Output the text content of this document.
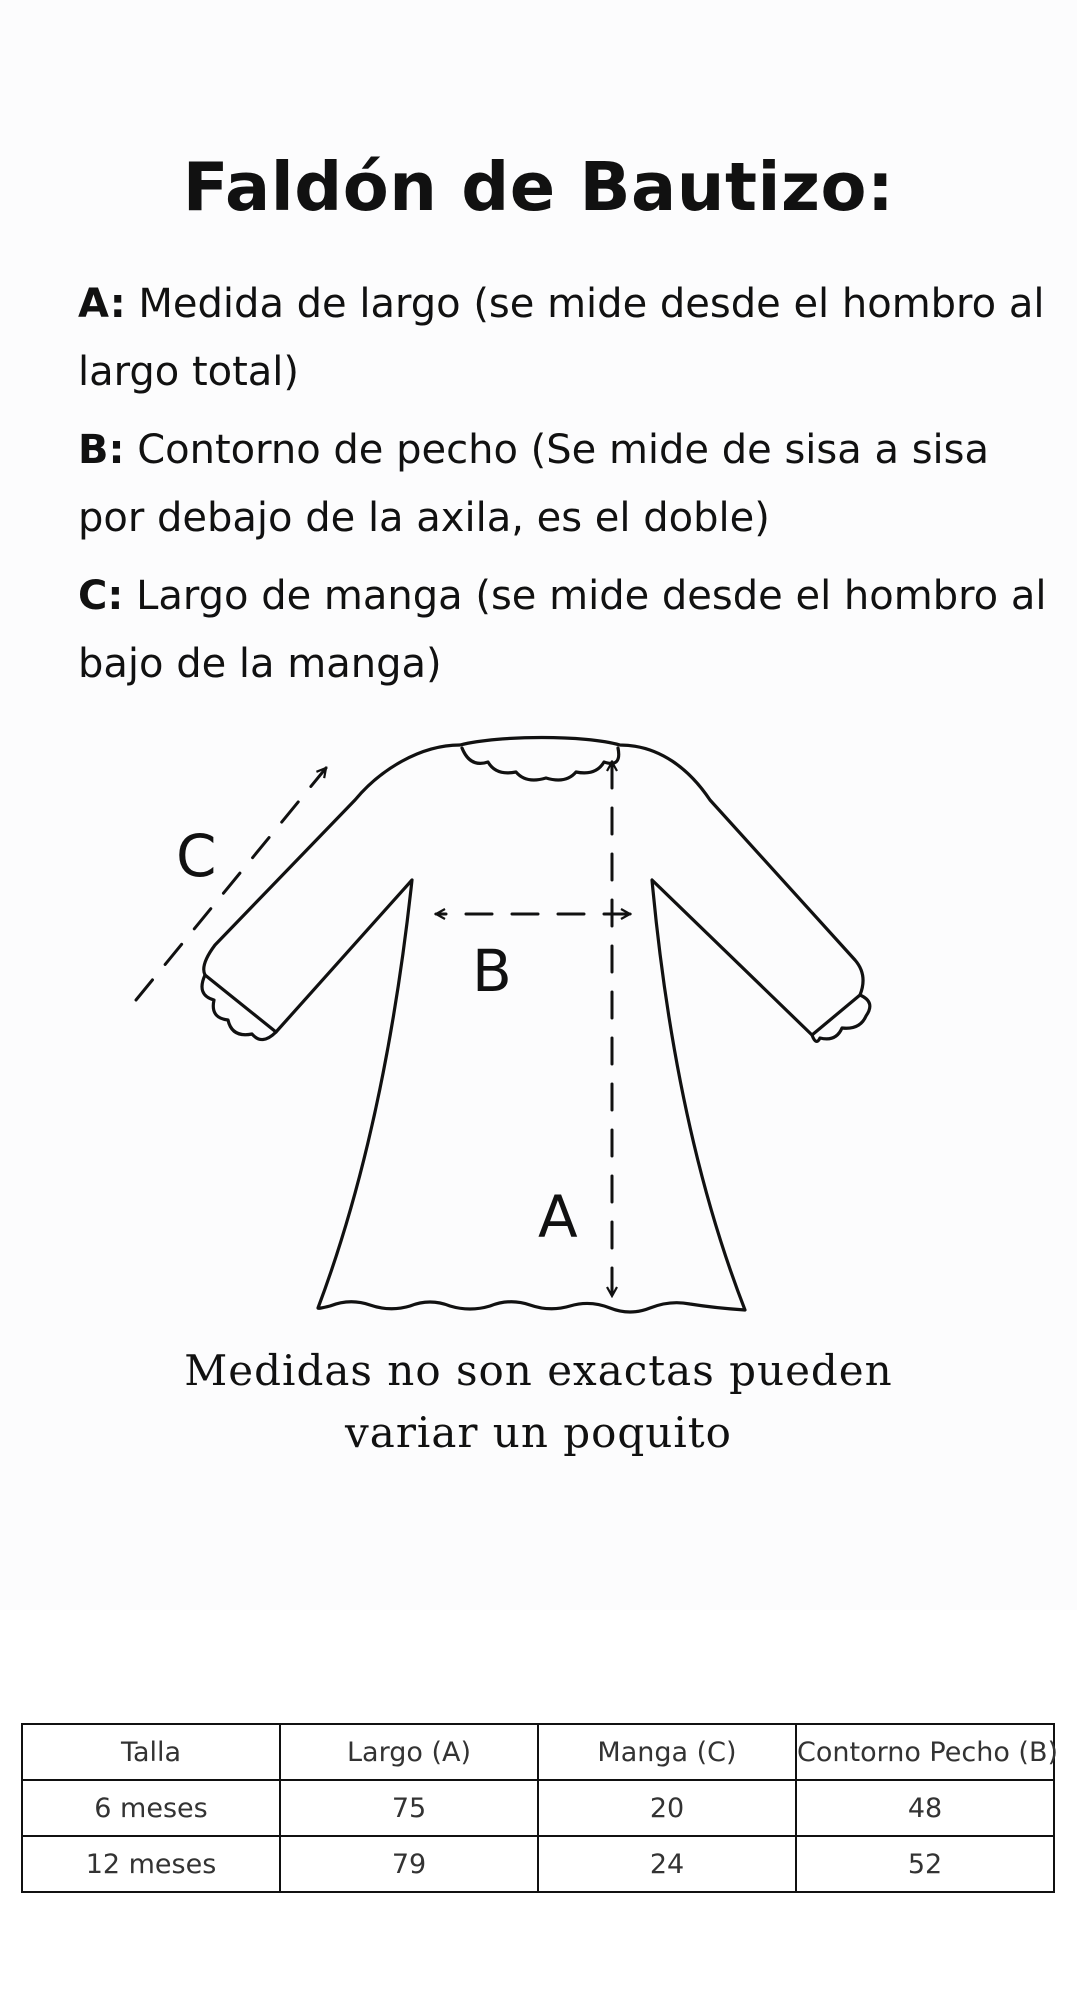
Faldón de Bautizo:

A: Medida de largo (se mide desde el hombro al largo total)

B: Contorno de pecho (Se mide de sisa a sisa por debajo de la axila, es el doble)

C: Largo de manga (se mide desde el hombro al bajo de la manga)

A
B
C
Medidas no son exactas pueden
variar un poquito
Talla	Largo (A)	Manga (C)	Contorno Pecho (B)
6 meses	75	20	48
12 meses	79	24	52
